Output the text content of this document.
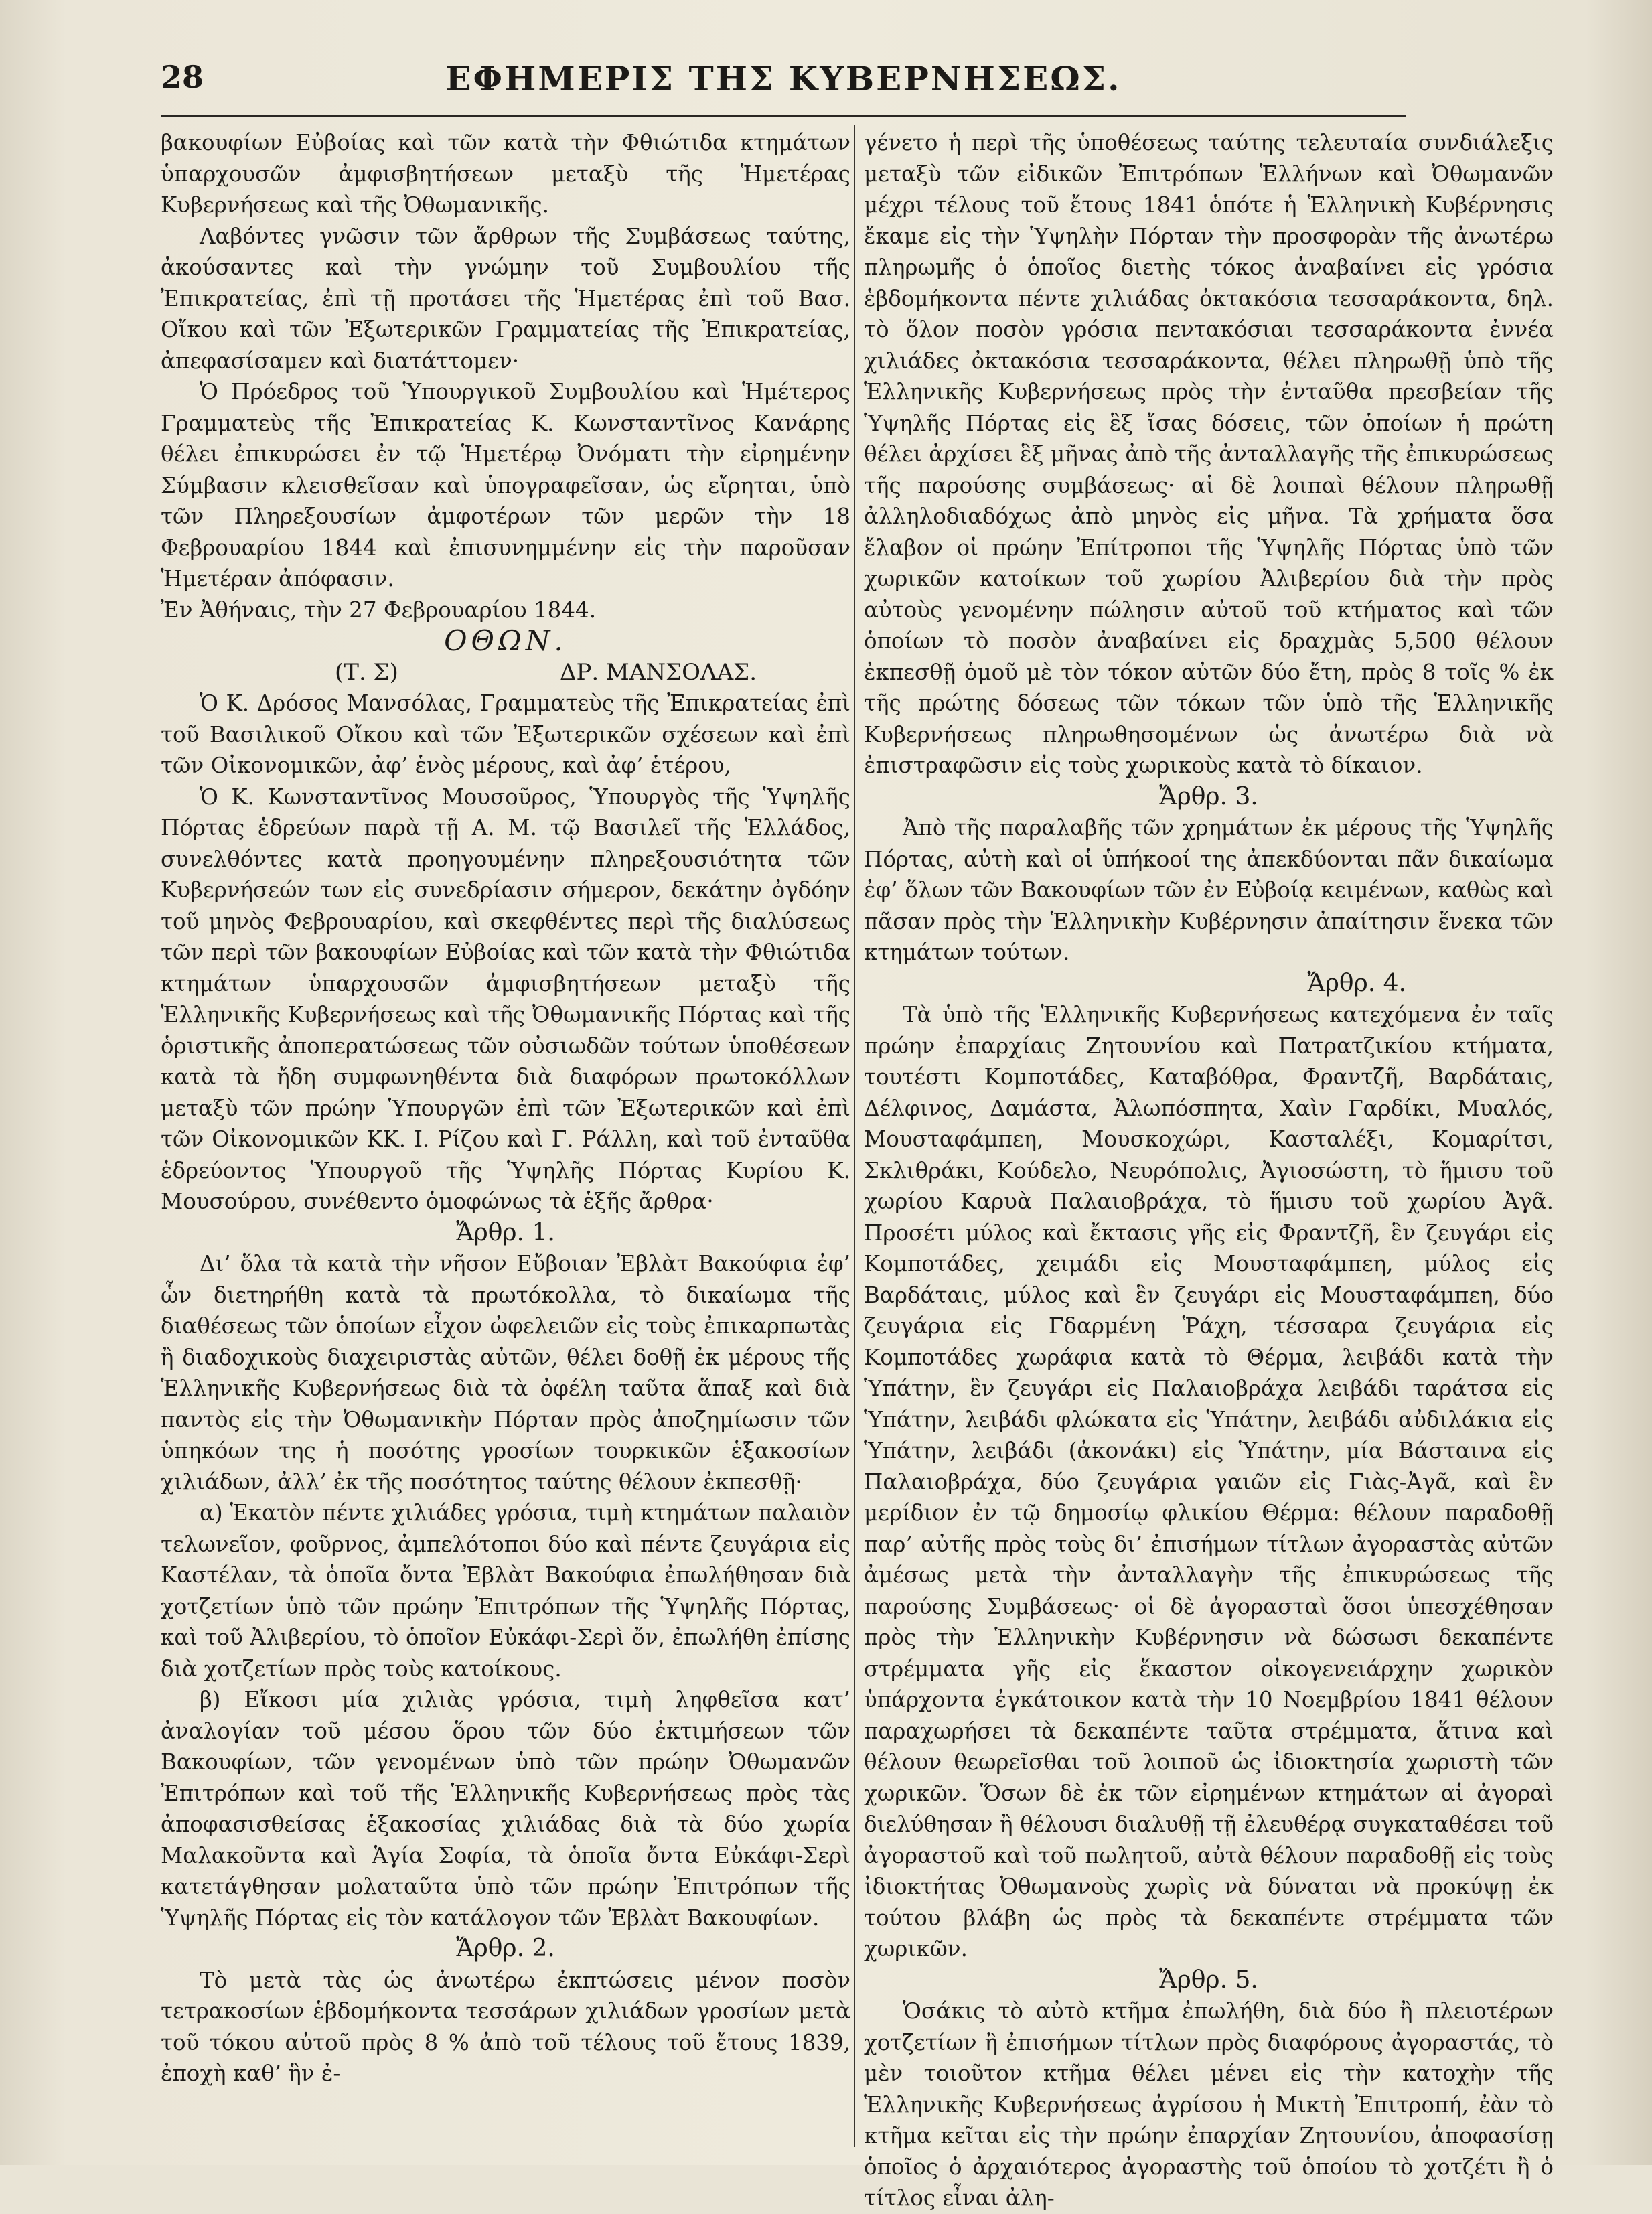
28	ΕΦΗΜΕΡΙΣ ΤΗΣ ΚΥΒΕΡΝΗΣΕΩΣ.

βακουφίων Εὐβοίας καὶ τῶν κατὰ τὴν Φθιώτιδα κτημάτων ὑπαρχουσῶν ἀμφισβητήσεων μεταξὺ τῆς Ἡμετέρας Κυβερνήσεως καὶ τῆς Ὀθωμανικῆς.

Λαβόντες γνῶσιν τῶν ἄρθρων τῆς Συμβάσεως ταύτης, ἀκούσαντες καὶ τὴν γνώμην τοῦ Συμβουλίου τῆς Ἐπικρατείας, ἐπὶ τῇ προτάσει τῆς Ἡμετέρας ἐπὶ τοῦ Βασ. Οἴκου καὶ τῶν Ἐξωτερικῶν Γραμματείας τῆς Ἐπικρατείας, ἀπεφασίσαμεν καὶ διατάττομεν·

Ὁ Πρόεδρος τοῦ Ὑπουργικοῦ Συμβουλίου καὶ Ἡμέτερος Γραμματεὺς τῆς Ἐπικρατείας Κ. Κωνσταντῖνος Κανάρης θέλει ἐπικυρώσει ἐν τῷ Ἡμετέρῳ Ὀνόματι τὴν εἰρημένην Σύμβασιν κλεισθεῖσαν καὶ ὑπογραφεῖσαν, ὡς εἴρηται, ὑπὸ τῶν Πληρεξουσίων ἀμφοτέρων τῶν μερῶν τὴν 18 Φεβρουαρίου 1844 καὶ ἐπισυνημμένην εἰς τὴν παροῦσαν Ἡμετέραν ἀπόφασιν.

Ἐν Ἀθήναις, τὴν 27 Φεβρουαρίου 1844.

ΟΘΩΝ.

(Τ. Σ)	ΔΡ. ΜΑΝΣΟΛΑΣ.

Ὁ Κ. Δρόσος Μανσόλας, Γραμματεὺς τῆς Ἐπικρατείας ἐπὶ τοῦ Βασιλικοῦ Οἴκου καὶ τῶν Ἐξωτερικῶν σχέσεων καὶ ἐπὶ τῶν Οἰκονομικῶν, ἀφ’ ἑνὸς μέρους, καὶ ἀφ’ ἑτέρου,

Ὁ Κ. Κωνσταντῖνος Μουσοῦρος, Ὑπουργὸς τῆς Ὑψηλῆς Πόρτας ἑδρεύων παρὰ τῇ Α. Μ. τῷ Βασιλεῖ τῆς Ἑλλάδος, συνελθόντες κατὰ προηγουμένην πληρεξουσιότητα τῶν Κυβερνήσεών των εἰς συνεδρίασιν σήμερον, δεκάτην ὀγδόην τοῦ μηνὸς Φεβρουαρίου, καὶ σκεφθέντες περὶ τῆς διαλύσεως τῶν περὶ τῶν βακουφίων Εὐβοίας καὶ τῶν κατὰ τὴν Φθιώτιδα κτημάτων ὑπαρχουσῶν ἀμφισβητήσεων μεταξὺ τῆς Ἑλληνικῆς Κυβερνήσεως καὶ τῆς Ὀθωμανικῆς Πόρτας καὶ τῆς ὁριστικῆς ἀποπερατώσεως τῶν οὐσιωδῶν τούτων ὑποθέσεων κατὰ τὰ ἤδη συμφωνηθέντα διὰ διαφόρων πρωτοκόλλων μεταξὺ τῶν πρώην Ὑπουργῶν ἐπὶ τῶν Ἐξωτερικῶν καὶ ἐπὶ τῶν Οἰκονομικῶν ΚΚ. Ι. Ρίζου καὶ Γ. Ράλλη, καὶ τοῦ ἐνταῦθα ἑδρεύοντος Ὑπουργοῦ τῆς Ὑψηλῆς Πόρτας Κυρίου Κ. Μουσούρου, συνέθεντο ὁμοφώνως τὰ ἑξῆς ἄρθρα·

Ἄρθρ. 1.

Δι’ ὅλα τὰ κατὰ τὴν νῆσον Εὔβοιαν Ἐβλὰτ Βακούφια ἐφ’ ὧν διετηρήθη κατὰ τὰ πρωτόκολλα, τὸ δικαίωμα τῆς διαθέσεως τῶν ὁποίων εἶχον ὠφελειῶν εἰς τοὺς ἐπικαρπωτὰς ἢ διαδοχικοὺς διαχειριστὰς αὐτῶν, θέλει δοθῇ ἐκ μέρους τῆς Ἑλληνικῆς Κυβερνήσεως διὰ τὰ ὀφέλη ταῦτα ἅπαξ καὶ διὰ παντὸς εἰς τὴν Ὀθωμανικὴν Πόρταν πρὸς ἀποζημίωσιν τῶν ὑπηκόων της ἡ ποσότης γροσίων τουρκικῶν ἑξακοσίων χιλιάδων, ἀλλ’ ἐκ τῆς ποσότητος ταύτης θέλουν ἐκπεσθῇ·

α) Ἑκατὸν πέντε χιλιάδες γρόσια, τιμὴ κτημάτων παλαιὸν τελωνεῖον, φοῦρνος, ἀμπελότοποι δύο καὶ πέντε ζευγάρια εἰς Καστέλαν, τὰ ὁποῖα ὄντα Ἐβλὰτ Βακούφια ἐπωλήθησαν διὰ χοτζετίων ὑπὸ τῶν πρώην Ἐπιτρόπων τῆς Ὑψηλῆς Πόρτας, καὶ τοῦ Ἀλιβερίου, τὸ ὁποῖον Εὐκάφι-Σερὶ ὄν, ἐπωλήθη ἐπίσης διὰ χοτζετίων πρὸς τοὺς κατοίκους.

β) Εἴκοσι μία χιλιὰς γρόσια, τιμὴ ληφθεῖσα κατ’ ἀναλογίαν τοῦ μέσου ὅρου τῶν δύο ἐκτιμήσεων τῶν Βακουφίων, τῶν γενομένων ὑπὸ τῶν πρώην Ὀθωμανῶν Ἐπιτρόπων καὶ τοῦ τῆς Ἑλληνικῆς Κυβερνήσεως πρὸς τὰς ἀποφασισθείσας ἑξακοσίας χιλιάδας διὰ τὰ δύο χωρία Μαλακοῦντα καὶ Ἁγία Σοφία, τὰ ὁποῖα ὄντα Εὐκάφι-Σερὶ κατετάγθησαν μολαταῦτα ὑπὸ τῶν πρώην Ἐπιτρόπων τῆς Ὑψηλῆς Πόρτας εἰς τὸν κατάλογον τῶν Ἐβλὰτ Βακουφίων.

Ἄρθρ. 2.

Τὸ μετὰ τὰς ὡς ἀνωτέρω ἐκπτώσεις μένον ποσὸν τετρακοσίων ἑβδομήκοντα τεσσάρων χιλιάδων γροσίων μετὰ τοῦ τόκου αὐτοῦ πρὸς 8 % ἀπὸ τοῦ τέλους τοῦ ἔτους 1839, ἐποχὴ καθ’ ἣν ἐ-

γένετο ἡ περὶ τῆς ὑποθέσεως ταύτης τελευταία συνδιάλεξις μεταξὺ τῶν εἰδικῶν Ἐπιτρόπων Ἑλλήνων καὶ Ὀθωμανῶν μέχρι τέλους τοῦ ἔτους 1841 ὁπότε ἡ Ἑλληνικὴ Κυβέρνησις ἔκαμε εἰς τὴν Ὑψηλὴν Πόρταν τὴν προσφορὰν τῆς ἀνωτέρω πληρωμῆς ὁ ὁποῖος διετὴς τόκος ἀναβαίνει εἰς γρόσια ἑβδομήκοντα πέντε χιλιάδας ὀκτακόσια τεσσαράκοντα, δηλ. τὸ ὅλον ποσὸν γρόσια πεντακόσιαι τεσσαράκοντα ἐννέα χιλιάδες ὀκτακόσια τεσσαράκοντα, θέλει πληρωθῇ ὑπὸ τῆς Ἑλληνικῆς Κυβερνήσεως πρὸς τὴν ἐνταῦθα πρεσβείαν τῆς Ὑψηλῆς Πόρτας εἰς ἓξ ἴσας δόσεις, τῶν ὁποίων ἡ πρώτη θέλει ἀρχίσει ἓξ μῆνας ἀπὸ τῆς ἀνταλλαγῆς τῆς ἐπικυρώσεως τῆς παρούσης συμβάσεως· αἱ δὲ λοιπαὶ θέλουν πληρωθῇ ἀλληλοδιαδόχως ἀπὸ μηνὸς εἰς μῆνα. Τὰ χρήματα ὅσα ἔλαβον οἱ πρώην Ἐπίτροποι τῆς Ὑψηλῆς Πόρτας ὑπὸ τῶν χωρικῶν κατοίκων τοῦ χωρίου Ἀλιβερίου διὰ τὴν πρὸς αὐτοὺς γενομένην πώλησιν αὐτοῦ τοῦ κτήματος καὶ τῶν ὁποίων τὸ ποσὸν ἀναβαίνει εἰς δραχμὰς 5,500 θέλουν ἐκπεσθῇ ὁμοῦ μὲ τὸν τόκον αὐτῶν δύο ἔτη, πρὸς 8 τοῖς % ἐκ τῆς πρώτης δόσεως τῶν τόκων τῶν ὑπὸ τῆς Ἑλληνικῆς Κυβερνήσεως πληρωθησομένων ὡς ἀνωτέρω διὰ νὰ ἐπιστραφῶσιν εἰς τοὺς χωρικοὺς κατὰ τὸ δίκαιον.

Ἄρθρ. 3.

Ἀπὸ τῆς παραλαβῆς τῶν χρημάτων ἐκ μέρους τῆς Ὑψηλῆς Πόρτας, αὐτὴ καὶ οἱ ὑπήκοοί της ἀπεκδύονται πᾶν δικαίωμα ἐφ’ ὅλων τῶν Βακουφίων τῶν ἐν Εὐβοίᾳ κειμένων, καθὼς καὶ πᾶσαν πρὸς τὴν Ἑλληνικὴν Κυβέρνησιν ἀπαίτησιν ἕνεκα τῶν κτημάτων τούτων.

Ἄρθρ. 4.

Τὰ ὑπὸ τῆς Ἑλληνικῆς Κυβερνήσεως κατεχόμενα ἐν ταῖς πρώην ἐπαρχίαις Ζητουνίου καὶ Πατρατζικίου κτήματα, τουτέστι Κομποτάδες, Καταβόθρα, Φραντζῆ, Βαρδάταις, Δέλφινος, Δαμάστα, Ἀλωπόσπητα, Χαὶν Γαρδίκι, Μυαλός, Μουσταφάμπεη, Μουσκοχώρι, Κασταλέξι, Κομαρίτσι, Σκλιθράκι, Κούδελο, Νευρόπολις, Ἀγιοσώστη, τὸ ἥμισυ τοῦ χωρίου Καρυὰ Παλαιοβράχα, τὸ ἥμισυ τοῦ χωρίου Ἀγᾶ. Προσέτι μύλος καὶ ἔκτασις γῆς εἰς Φραντζῆ, ἓν ζευγάρι εἰς Κομποτάδες, χειμάδι εἰς Μουσταφάμπεη, μύλος εἰς Βαρδάταις, μύλος καὶ ἓν ζευγάρι εἰς Μουσταφάμπεη, δύο ζευγάρια εἰς Γδαρμένη Ῥάχη, τέσσαρα ζευγάρια εἰς Κομποτάδες χωράφια κατὰ τὸ Θέρμα, λειβάδι κατὰ τὴν Ὑπάτην, ἓν ζευγάρι εἰς Παλαιοβράχα λειβάδι ταράτσα εἰς Ὑπάτην, λειβάδι φλώκατα εἰς Ὑπάτην, λειβάδι αὐδιλάκια εἰς Ὑπάτην, λειβάδι (ἀκονάκι) εἰς Ὑπάτην, μία Βάσταινα εἰς Παλαιοβράχα, δύο ζευγάρια γαιῶν εἰς Γιὰς-Ἀγᾶ, καὶ ἓν μερίδιον ἐν τῷ δημοσίῳ φλικίου Θέρμα: θέλουν παραδοθῇ παρ’ αὐτῆς πρὸς τοὺς δι’ ἐπισήμων τίτλων ἀγοραστὰς αὐτῶν ἀμέσως μετὰ τὴν ἀνταλλαγὴν τῆς ἐπικυρώσεως τῆς παρούσης Συμβάσεως· οἱ δὲ ἀγορασταὶ ὅσοι ὑπεσχέθησαν πρὸς τὴν Ἑλληνικὴν Κυβέρνησιν νὰ δώσωσι δεκαπέντε στρέμματα γῆς εἰς ἕκαστον οἰκογενειάρχην χωρικὸν ὑπάρχοντα ἐγκάτοικον κατὰ τὴν 10 Νοεμβρίου 1841 θέλουν παραχωρήσει τὰ δεκαπέντε ταῦτα στρέμματα, ἅτινα καὶ θέλουν θεωρεῖσθαι τοῦ λοιποῦ ὡς ἰδιοκτησία χωριστὴ τῶν χωρικῶν. Ὅσων δὲ ἐκ τῶν εἰρημένων κτημάτων αἱ ἀγοραὶ διελύθησαν ἢ θέλουσι διαλυθῇ τῇ ἐλευθέρᾳ συγκαταθέσει τοῦ ἀγοραστοῦ καὶ τοῦ πωλητοῦ, αὐτὰ θέλουν παραδοθῇ εἰς τοὺς ἰδιοκτήτας Ὀθωμανοὺς χωρὶς νὰ δύναται νὰ προκύψῃ ἐκ τούτου βλάβη ὡς πρὸς τὰ δεκαπέντε στρέμματα τῶν χωρικῶν.

Ἄρθρ. 5.

Ὁσάκις τὸ αὐτὸ κτῆμα ἐπωλήθη, διὰ δύο ἢ πλειοτέρων χοτζετίων ἢ ἐπισήμων τίτλων πρὸς διαφόρους ἀγοραστάς, τὸ μὲν τοιοῦτον κτῆμα θέλει μένει εἰς τὴν κατοχὴν τῆς Ἑλληνικῆς Κυβερνήσεως ἀγρίσου ἡ Μικτὴ Ἐπιτροπή, ἐὰν τὸ κτῆμα κεῖται εἰς τὴν πρώην ἐπαρχίαν Ζητουνίου, ἀποφασίσῃ ὁποῖος ὁ ἀρχαιότερος ἀγοραστὴς τοῦ ὁποίου τὸ χοτζέτι ἢ ὁ τίτλος εἶναι ἀλη-
